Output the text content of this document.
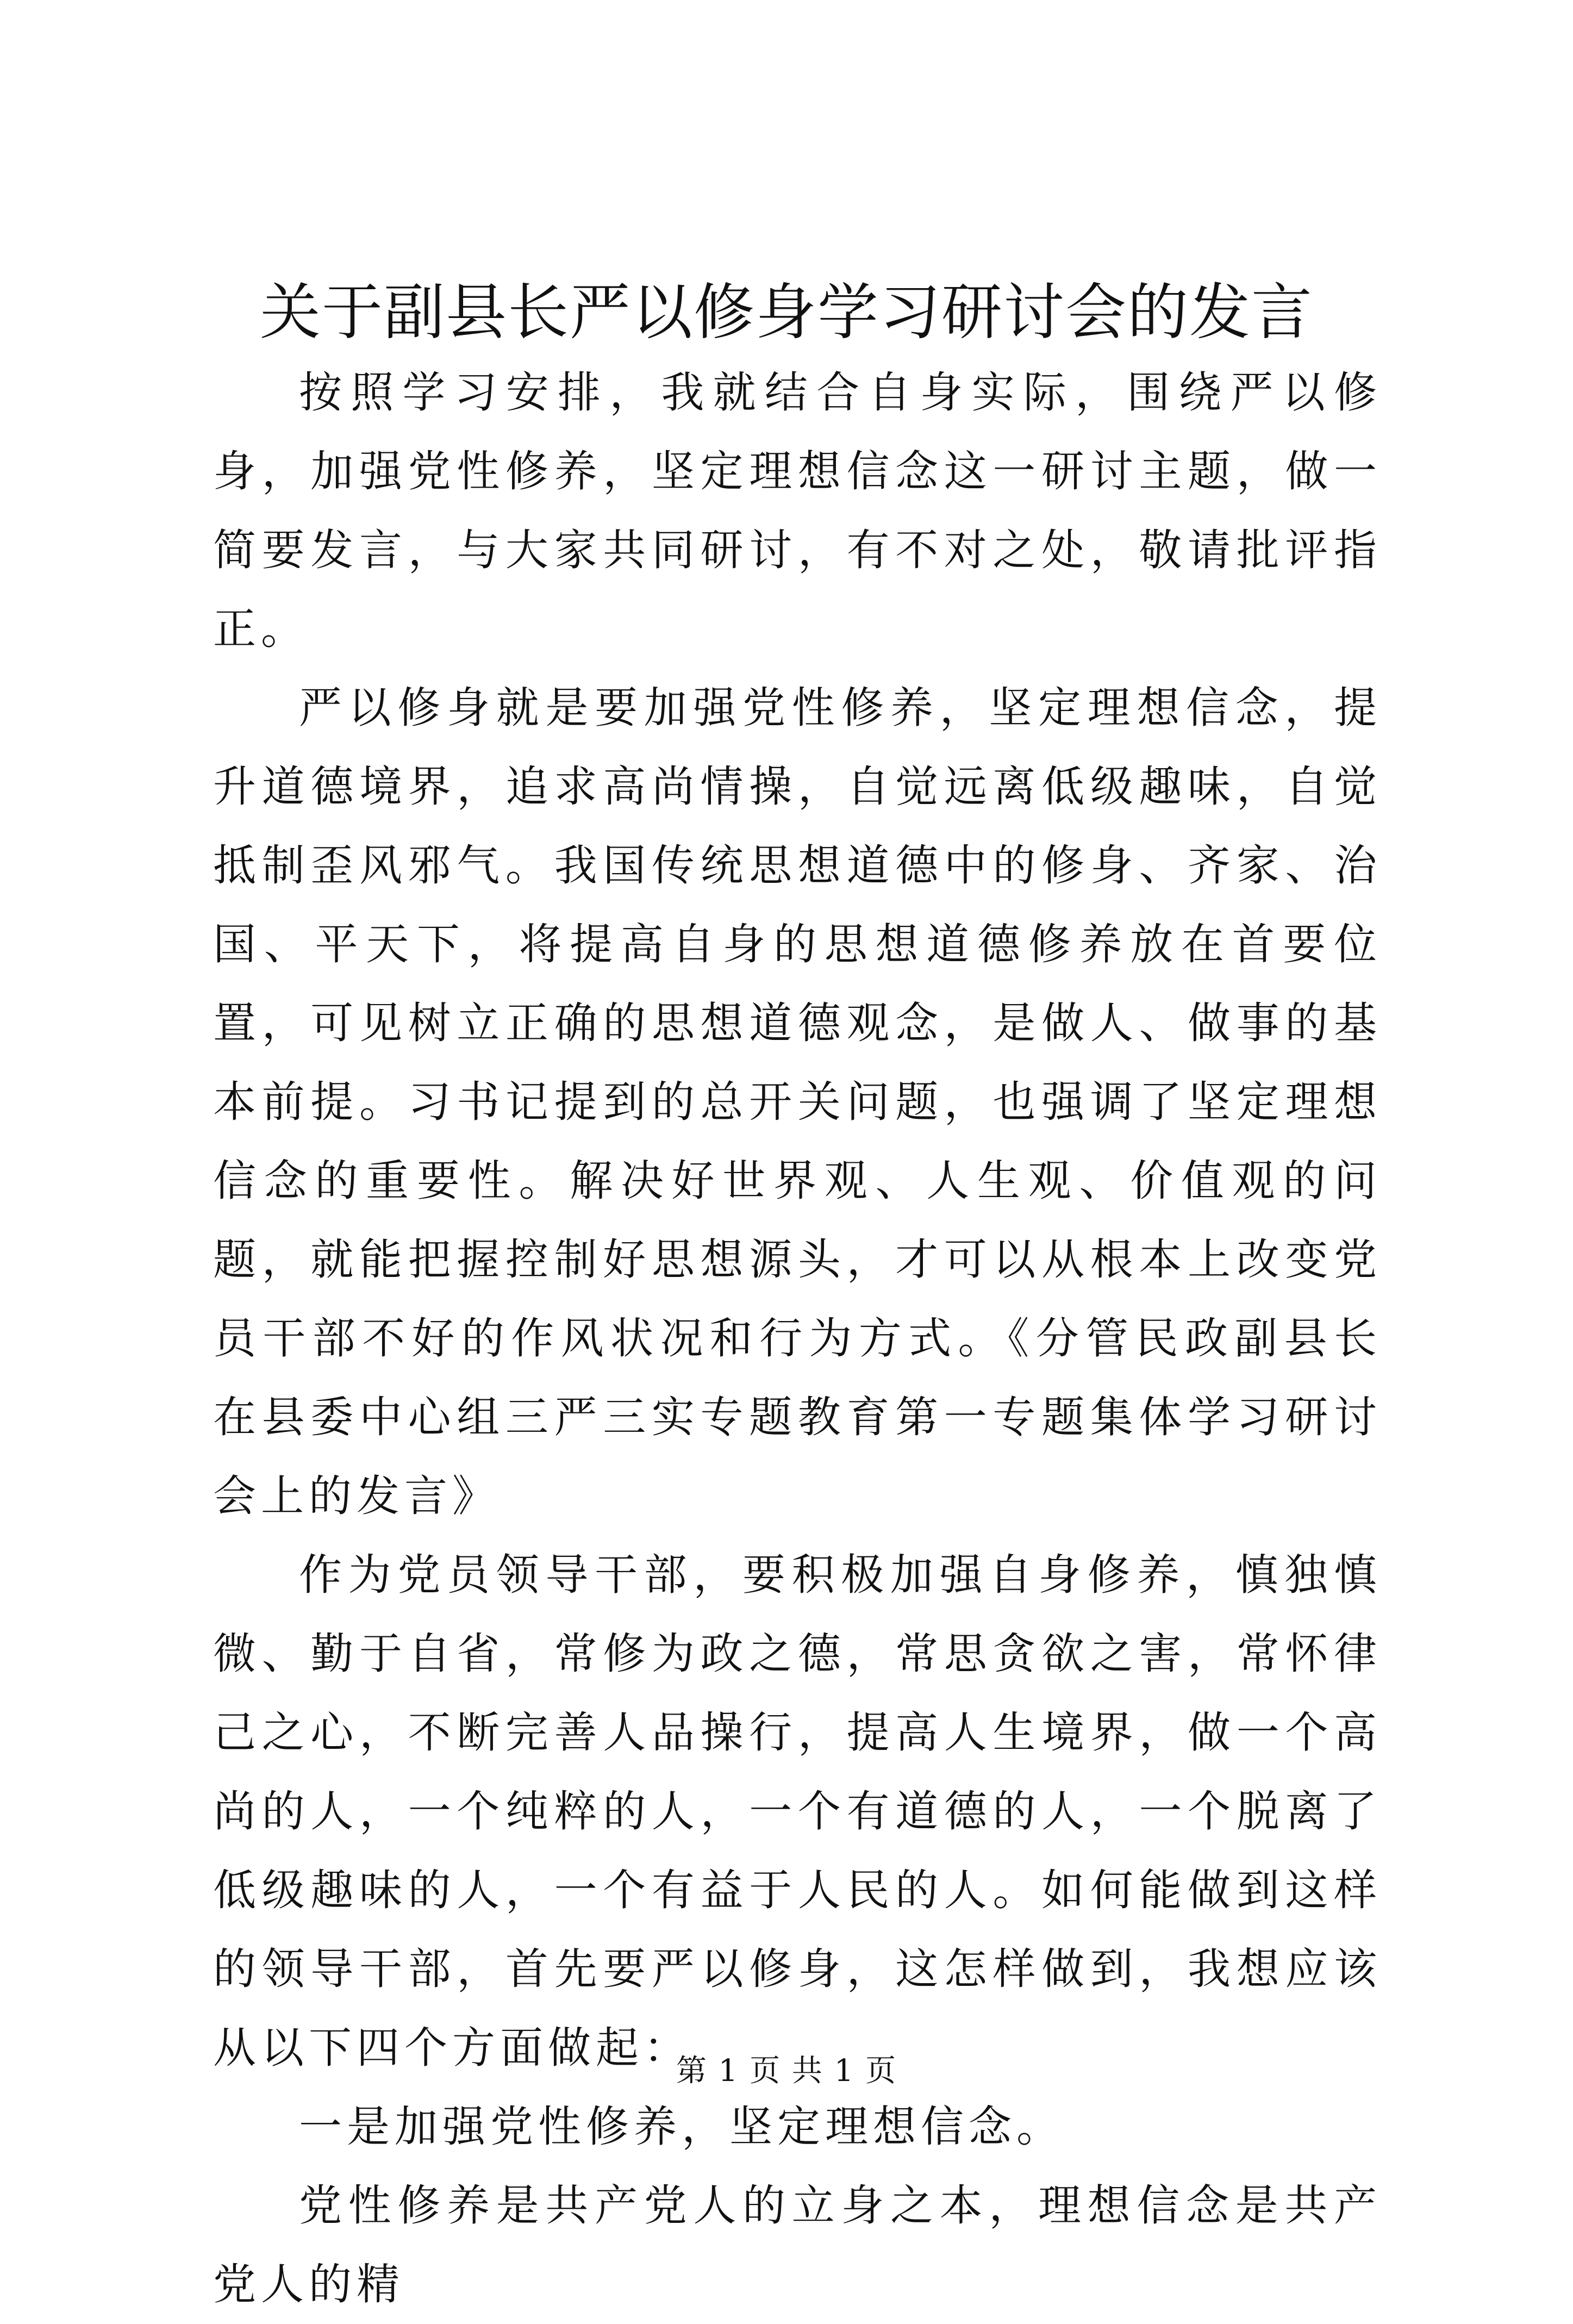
关于副县长严以修身学习研讨会的发言

按照学习安排，我就结合自身实际，围绕严以修身，加强党性修养，坚定理想信念这一研讨主题，做一简要发言，与大家共同研讨，有不对之处，敬请批评指正。

严以修身就是要加强党性修养，坚定理想信念，提升道德境界，追求高尚情操，自觉远离低级趣味，自觉抵制歪风邪气。我国传统思想道德中的修身、齐家、治国、平天下，将提高自身的思想道德修养放在首要位置，可见树立正确的思想道德观念，是做人、做事的基本前提。习书记提到的总开关问题，也强调了坚定理想信念的重要性。解决好世界观、人生观、价值观的问题，就能把握控制好思想源头，才可以从根本上改变党员干部不好的作风状况和行为方式。《分管民政副县长在县委中心组三严三实专题教育第一专题集体学习研讨会上的发言》

作为党员领导干部，要积极加强自身修养，慎独慎微、勤于自省，常修为政之德，常思贪欲之害，常怀律己之心，不断完善人品操行，提高人生境界，做一个高尚的人，一个纯粹的人，一个有道德的人，一个脱离了低级趣味的人，一个有益于人民的人。如何能做到这样的领导干部，首先要严以修身，这怎样做到，我想应该从以下四个方面做起：

一是加强党性修养，坚定理想信念。

党性修养是共产党人的立身之本，理想信念是共产党人的精

第 1 页 共 1 页
